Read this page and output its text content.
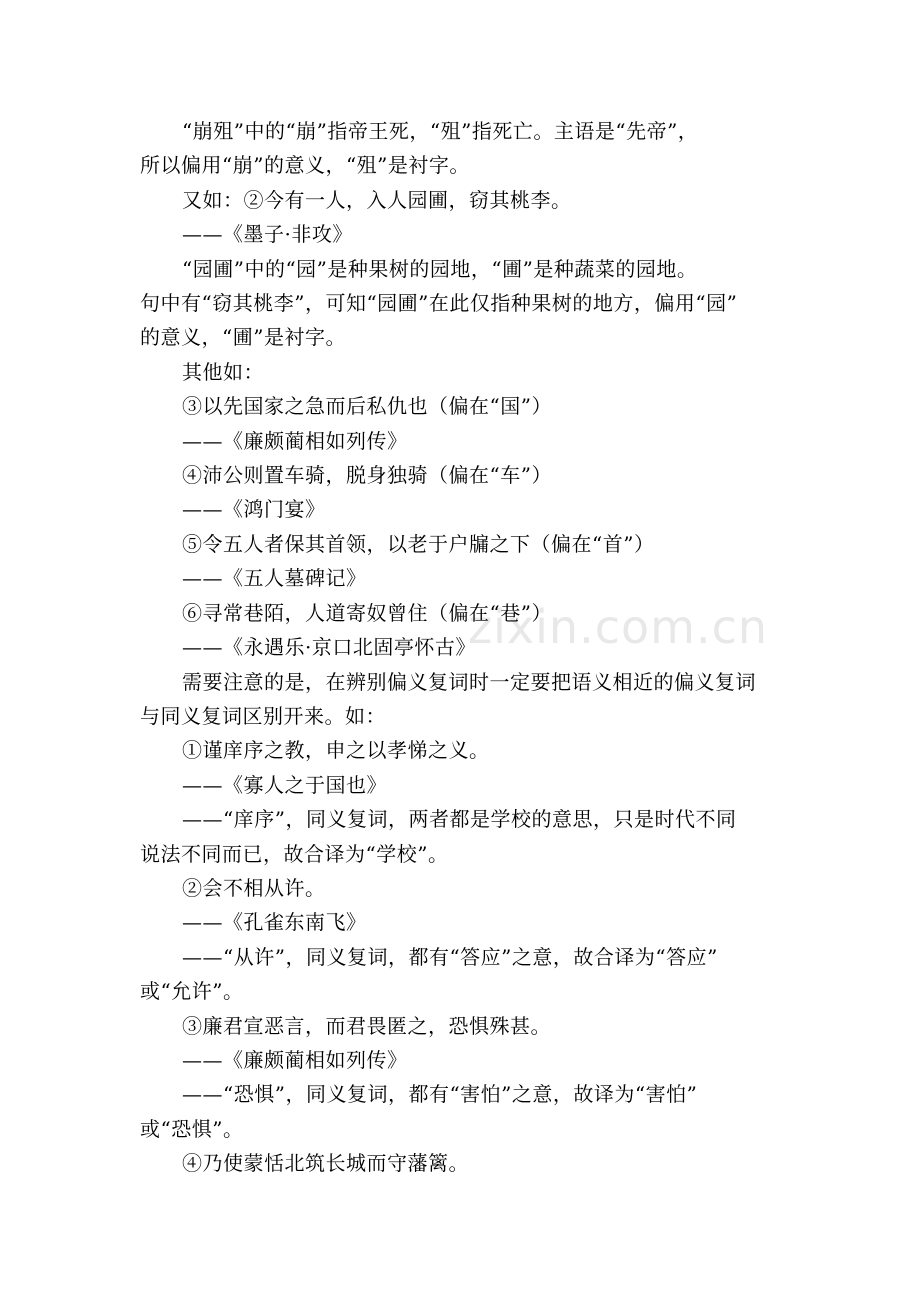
zixin.com.cn

“崩殂”中的“崩”指帝王死，“殂”指死亡。主语是“先帝”，

所以偏用“崩”的意义，“殂”是衬字。

又如：②今有一人，入人园圃，窃其桃李。

——《墨子·非攻》

“园圃”中的“园”是种果树的园地，“圃”是种蔬菜的园地。

句中有“窃其桃李”，可知“园圃”在此仅指种果树的地方，偏用“园”

的意义，“圃”是衬字。

其他如：

③以先国家之急而后私仇也（偏在“国”）

——《廉颇蔺相如列传》

④沛公则置车骑，脱身独骑（偏在“车”）

——《鸿门宴》

⑤令五人者保其首领，以老于户牖之下（偏在“首”）

——《五人墓碑记》

⑥寻常巷陌，人道寄奴曾住（偏在“巷”）

——《永遇乐·京口北固亭怀古》

需要注意的是，在辨别偏义复词时一定要把语义相近的偏义复词

与同义复词区别开来。如：

①谨庠序之教，申之以孝悌之义。

——《寡人之于国也》

——“庠序”，同义复词，两者都是学校的意思，只是时代不同

说法不同而已，故合译为“学校”。

②会不相从许。

——《孔雀东南飞》

——“从许”，同义复词，都有“答应”之意，故合译为“答应”

或“允许”。

③廉君宣恶言，而君畏匿之，恐惧殊甚。

——《廉颇蔺相如列传》

——“恐惧”，同义复词，都有“害怕”之意，故译为“害怕”

或“恐惧”。

④乃使蒙恬北筑长城而守藩篱。
